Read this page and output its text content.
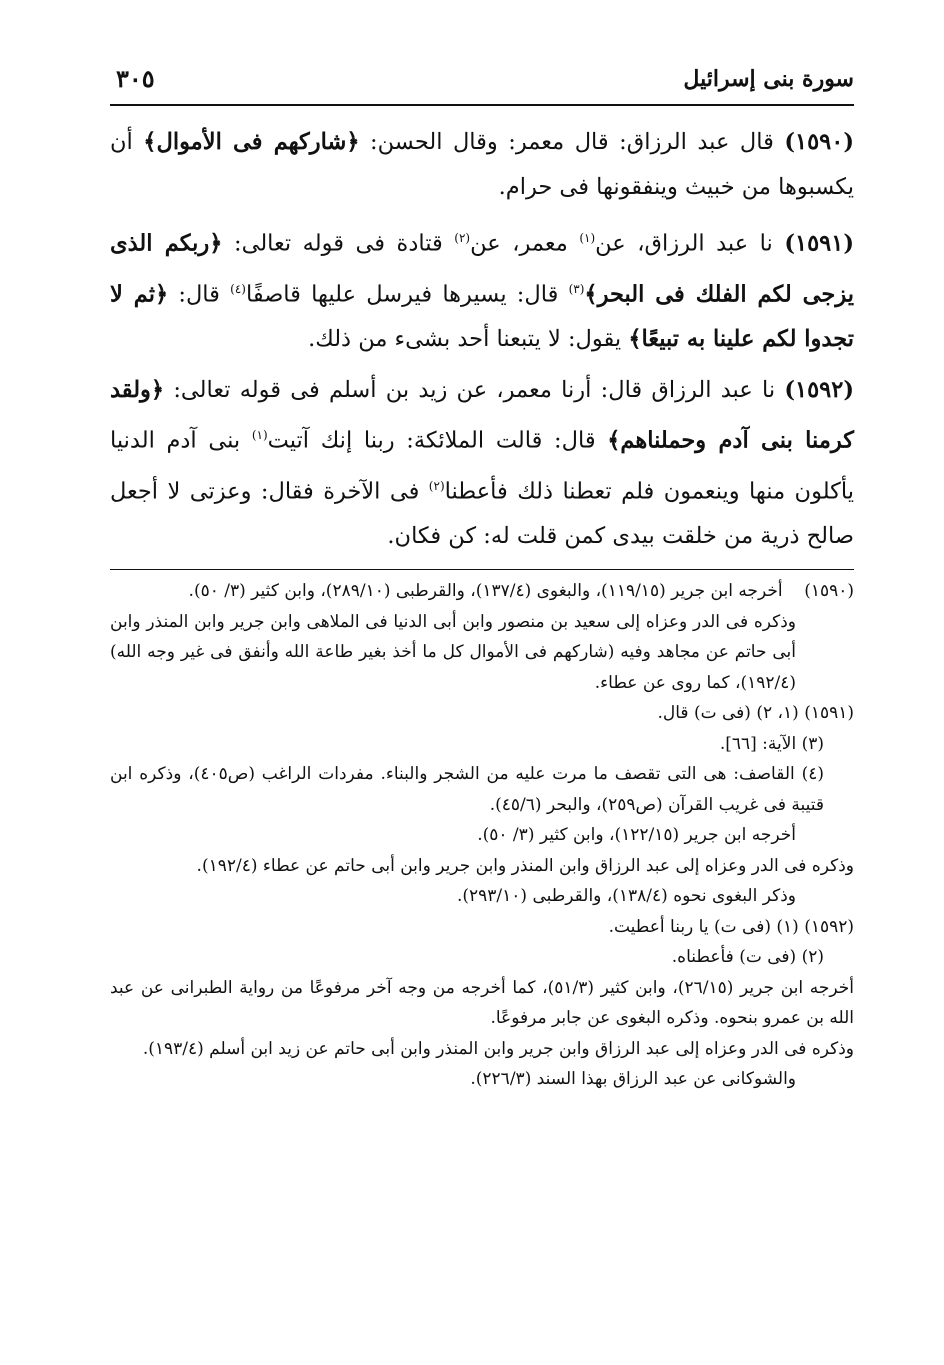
سورة بنى إسرائيل
٣٠٥

(١٥٩٠) قال عبد الرزاق: قال معمر: وقال الحسن: ﴿شاركهم فى الأموال﴾ أن يكسبوها من خبيث وينفقونها فى حرام.

(١٥٩١) نا عبد الرزاق، عن$^{(١)}$ معمر، عن$^{(٢)}$ قتادة فى قوله تعالى: ﴿ربكم الذى يزجى لكم الفلك فى البحر﴾$^{(٣)}$ قال: يسيرها فيرسل عليها قاصفًا$^{(٤)}$ قال: ﴿ثم لا تجدوا لكم علينا به تبيعًا﴾ يقول: لا يتبعنا أحد بشىء من ذلك.

(١٥٩٢) نا عبد الرزاق قال: أرنا معمر، عن زيد بن أسلم فى قوله تعالى: ﴿ولقد كرمنا بنى آدم وحملناهم﴾ قال: قالت الملائكة: ربنا إنك آتيت$^{(١)}$ بنى آدم الدنيا يأكلون منها وينعمون فلم تعطنا ذلك فأعطنا$^{(٢)}$ فى الآخرة فقال: وعزتى لا أجعل صالح ذرية من خلقت بيدى كمن قلت له: كن فكان.

(١٥٩٠)    أخرجه ابن جرير (١١٩/١٥)، والبغوى (١٣٧/٤)، والقرطبى (٢٨٩/١٠)، وابن كثير (٣/ ٥٠).

وذكره فى الدر وعزاه إلى سعيد بن منصور وابن أبى الدنيا فى الملاهى وابن جرير وابن المنذر وابن أبى حاتم عن مجاهد وفيه (شاركهم فى الأموال كل ما أخذ بغير طاعة الله وأنفق فى غير وجه الله) (١٩٢/٤)، كما روى عن عطاء.

(١٥٩١) (١، ٢) (فى ت) قال.

(٣) الآية: [٦٦].

(٤) القاصف: هى التى تقصف ما مرت عليه من الشجر والبناء. مفردات الراغب (ص٤٠٥)، وذكره ابن قتيبة فى غريب القرآن (ص٢٥٩)، والبحر (٤٥/٦).

أخرجه ابن جرير (١٢٢/١٥)، وابن كثير (٣/ ٥٠).

وذكره فى الدر وعزاه إلى عبد الرزاق وابن المنذر وابن جرير وابن أبى حاتم عن عطاء (١٩٢/٤).

وذكر البغوى نحوه (١٣٨/٤)، والقرطبى (٢٩٣/١٠).

(١٥٩٢) (١) (فى ت) يا ربنا أعطيت.

(٢) (فى ت) فأعطناه.

أخرجه ابن جرير (٢٦/١٥)، وابن كثير (٥١/٣)، كما أخرجه من وجه آخر مرفوعًا من رواية الطبرانى عن عبد الله بن عمرو بنحوه. وذكره البغوى عن جابر مرفوعًا.

وذكره فى الدر وعزاه إلى عبد الرزاق وابن جرير وابن المنذر وابن أبى حاتم عن زيد ابن أسلم (١٩٣/٤).

والشوكانى عن عبد الرزاق بهذا السند (٢٢٦/٣).
